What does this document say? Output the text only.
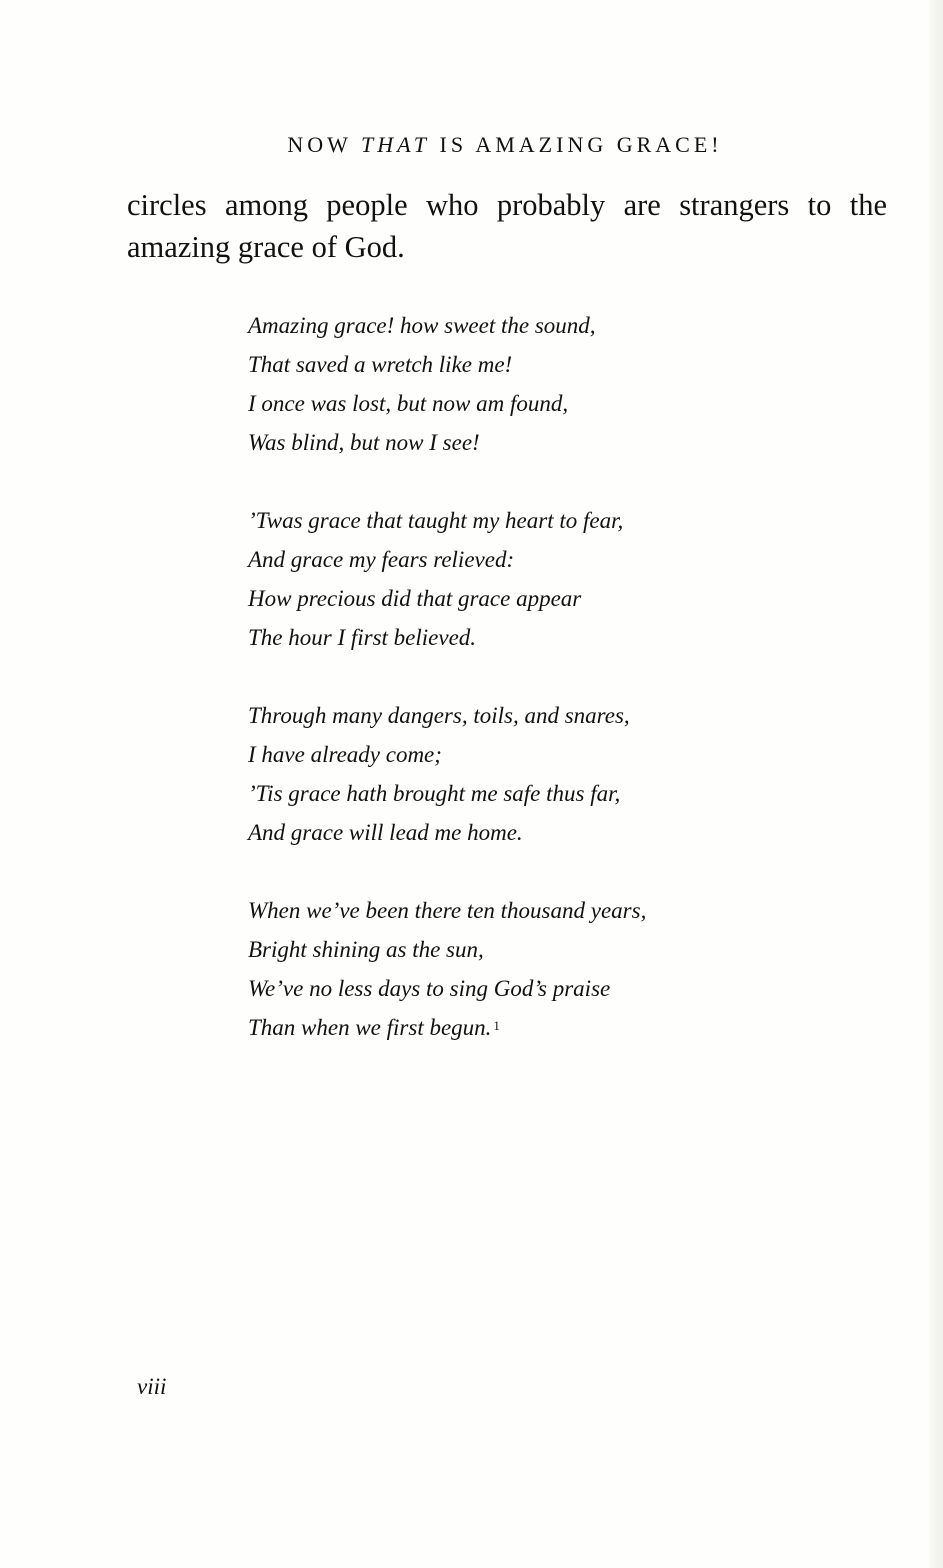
NOW THAT IS AMAZING GRACE!

circles among people who probably are strangers to the amazing grace of God.

Amazing grace! how sweet the sound,
That saved a wretch like me!
I once was lost, but now am found,
Was blind, but now I see!
’Twas grace that taught my heart to fear,
And grace my fears relieved:
How precious did that grace appear
The hour I first believed.
Through many dangers, toils, and snares,
I have already come;
’Tis grace hath brought me safe thus far,
And grace will lead me home.
When we’ve been there ten thousand years,
Bright shining as the sun,
We’ve no less days to sing God’s praise
Than when we first begun. $^1$
viii
